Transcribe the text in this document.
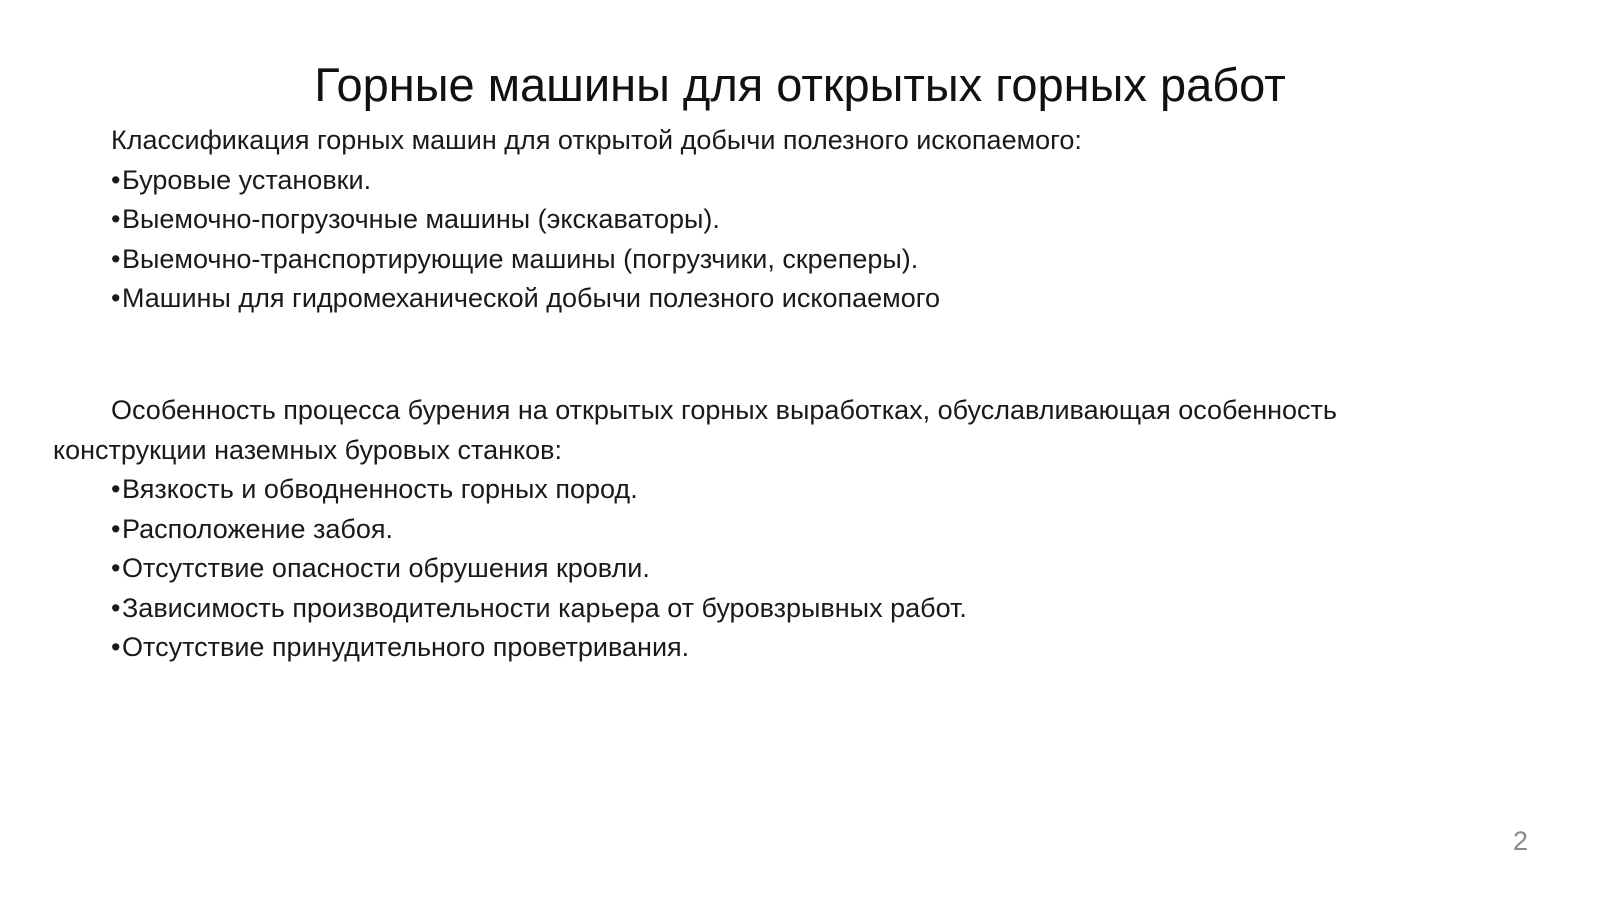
Горные машины для открытых горных работ

Классификация горных машин для открытой добычи полезного ископаемого:

•Буровые установки.
•Выемочно-погрузочные машины (экскаваторы).
•Выемочно-транспортирующие машины (погрузчики, скреперы).
•Машины для гидромеханической добычи полезного ископаемого

Особенность процесса бурения на открытых горных выработках, обуславливающая особенность конструкции наземных буровых станков:

•Вязкость и обводненность горных пород.
•Расположение забоя.
•Отсутствие опасности обрушения кровли.
•Зависимость производительности карьера от буровзрывных работ.
•Отсутствие принудительного проветривания.
2
